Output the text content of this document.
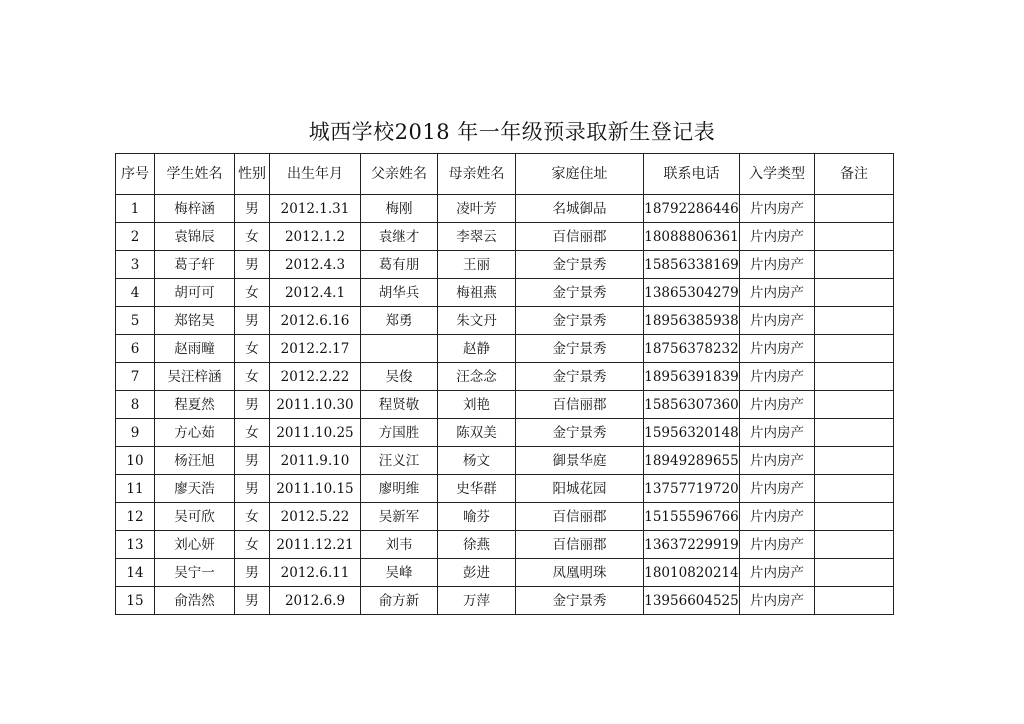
城西学校2018 年一年级预录取新生登记表
序号	学生姓名	性别	出生年月	父亲姓名	母亲姓名	家庭住址	联系电话	入学类型	备注
1	梅梓涵	男	2012.1.31	梅刚	凌叶芳	名城御品	18792286446	片内房产	
2	袁锦辰	女	2012.1.2	袁继才	李翠云	百信丽郡	18088806361	片内房产	
3	葛子轩	男	2012.4.3	葛有朋	王丽	金宁景秀	15856338169	片内房产	
4	胡可可	女	2012.4.1	胡华兵	梅祖燕	金宁景秀	13865304279	片内房产	
5	郑铭昊	男	2012.6.16	郑勇	朱文丹	金宁景秀	18956385938	片内房产	
6	赵雨疃	女	2012.2.17		赵静	金宁景秀	18756378232	片内房产	
7	吴汪梓涵	女	2012.2.22	吴俊	汪念念	金宁景秀	18956391839	片内房产	
8	程夏然	男	2011.10.30	程贤敬	刘艳	百信丽郡	15856307360	片内房产	
9	方心茹	女	2011.10.25	方国胜	陈双美	金宁景秀	15956320148	片内房产	
10	杨汪旭	男	2011.9.10	汪义江	杨文	御景华庭	18949289655	片内房产	
11	廖天浩	男	2011.10.15	廖明维	史华群	阳城花园	13757719720	片内房产	
12	吴可欣	女	2012.5.22	吴新军	喻芬	百信丽郡	15155596766	片内房产	
13	刘心妍	女	2011.12.21	刘韦	徐燕	百信丽郡	13637229919	片内房产	
14	吴宁一	男	2012.6.11	吴峰	彭进	凤凰明珠	18010820214	片内房产	
15	俞浩然	男	2012.6.9	俞方新	万萍	金宁景秀	13956604525	片内房产	
